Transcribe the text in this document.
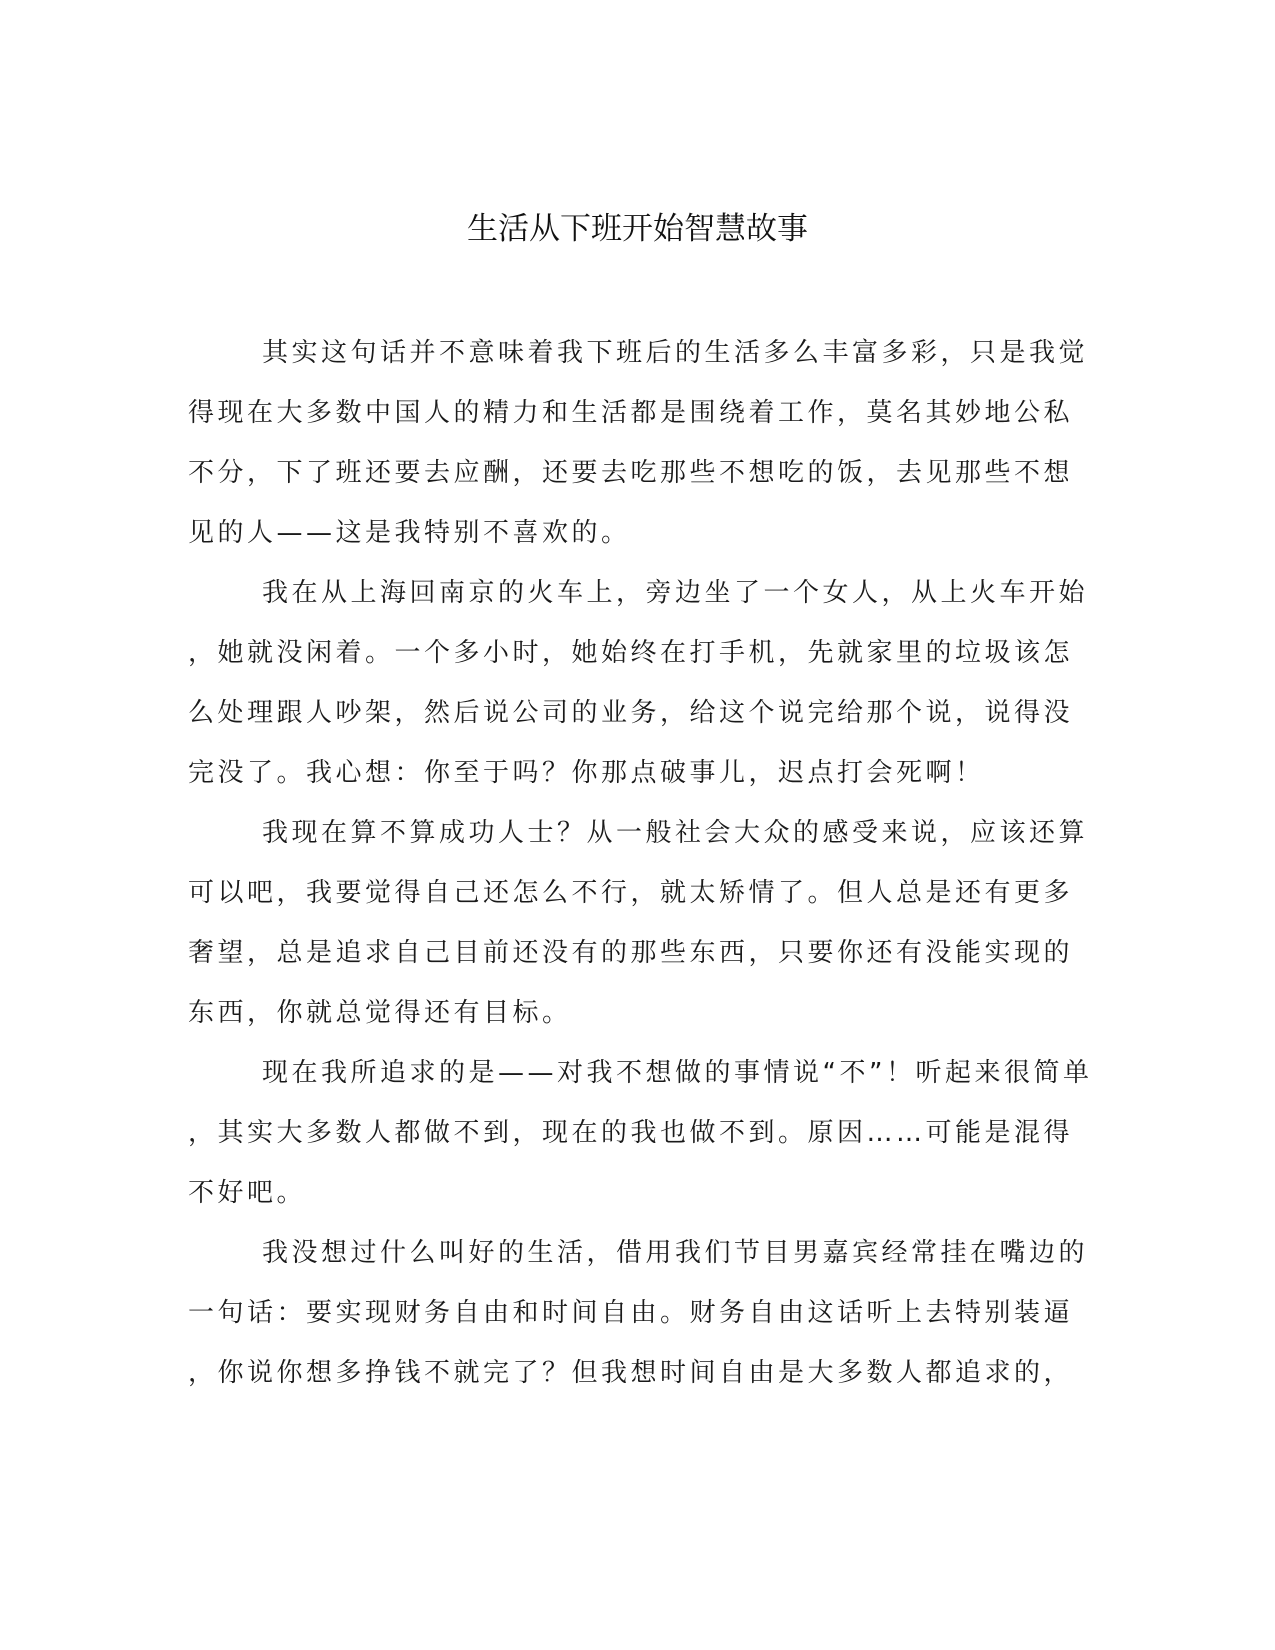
生活从下班开始智慧故事

其实这句话并不意味着我下班后的生活多么丰富多彩，只是我觉
得现在大多数中国人的精力和生活都是围绕着工作，莫名其妙地公私
不分，下了班还要去应酬，还要去吃那些不想吃的饭，去见那些不想
见的人——这是我特别不喜欢的。

我在从上海回南京的火车上，旁边坐了一个女人，从上火车开始
，她就没闲着。一个多小时，她始终在打手机，先就家里的垃圾该怎
么处理跟人吵架，然后说公司的业务，给这个说完给那个说，说得没
完没了。我心想：你至于吗？你那点破事儿，迟点打会死啊！

我现在算不算成功人士？从一般社会大众的感受来说，应该还算
可以吧，我要觉得自己还怎么不行，就太矫情了。但人总是还有更多
奢望，总是追求自己目前还没有的那些东西，只要你还有没能实现的
东西，你就总觉得还有目标。

现在我所追求的是——对我不想做的事情说“不”！听起来很简单
，其实大多数人都做不到，现在的我也做不到。原因……可能是混得
不好吧。

我没想过什么叫好的生活，借用我们节目男嘉宾经常挂在嘴边的
一句话：要实现财务自由和时间自由。财务自由这话听上去特别装逼
，你说你想多挣钱不就完了？但我想时间自由是大多数人都追求的，
